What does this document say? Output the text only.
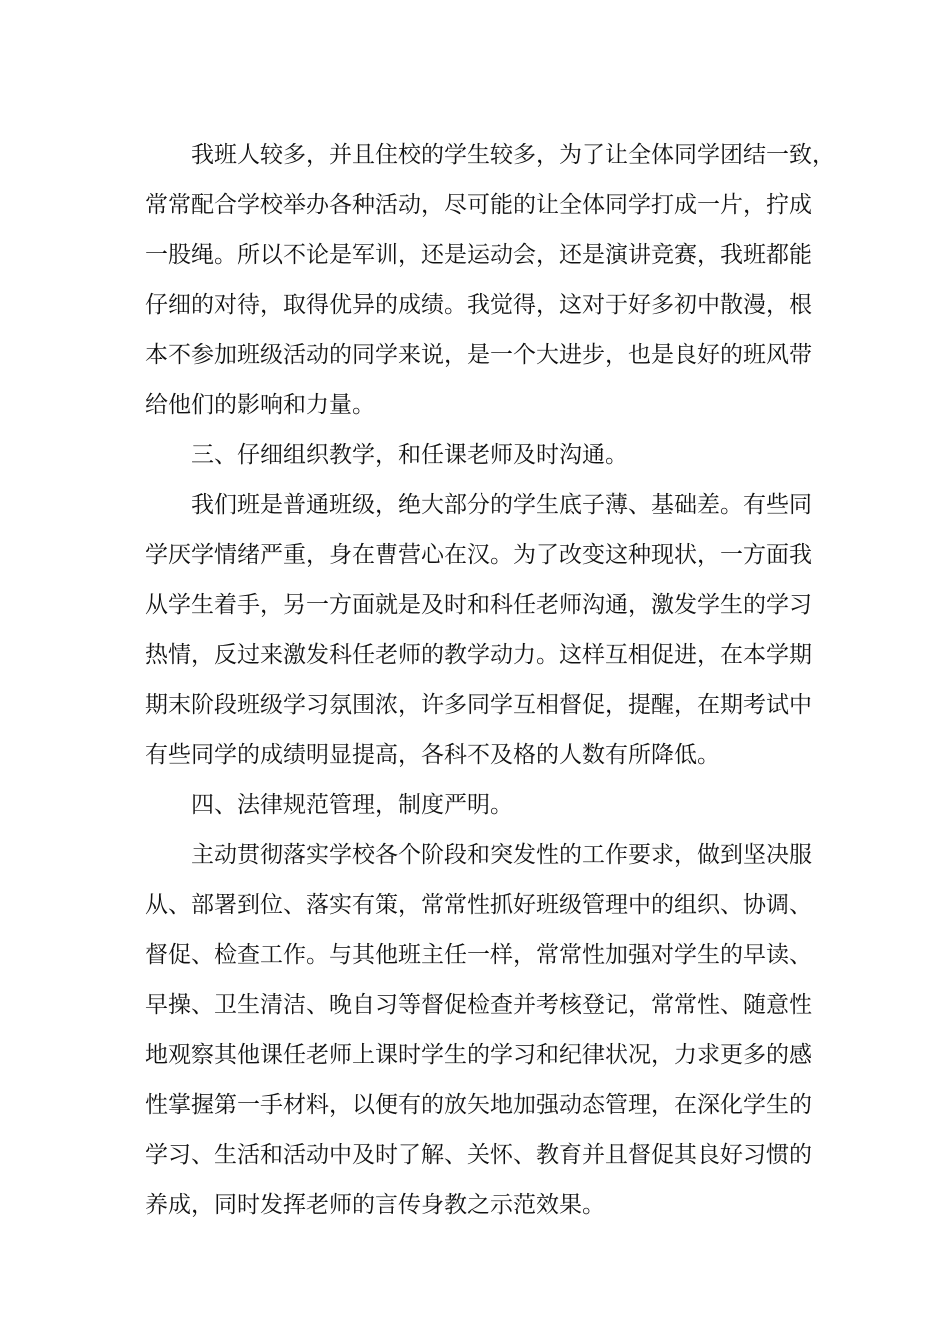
我班人较多，并且住校的学生较多，为了让全体同学团结一致，
常常配合学校举办各种活动，尽可能的让全体同学打成一片，拧成
一股绳。所以不论是军训，还是运动会，还是演讲竞赛，我班都能
仔细的对待，取得优异的成绩。我觉得，这对于好多初中散漫，根
本不参加班级活动的同学来说，是一个大进步，也是良好的班风带
给他们的影响和力量。
三、仔细组织教学，和任课老师及时沟通。
我们班是普通班级，绝大部分的学生底子薄、基础差。有些同
学厌学情绪严重，身在曹营心在汉。为了改变这种现状，一方面我
从学生着手，另一方面就是及时和科任老师沟通，激发学生的学习
热情，反过来激发科任老师的教学动力。这样互相促进，在本学期
期末阶段班级学习氛围浓，许多同学互相督促，提醒，在期考试中
有些同学的成绩明显提高，各科不及格的人数有所降低。
四、法律规范管理，制度严明。
主动贯彻落实学校各个阶段和突发性的工作要求，做到坚决服
从、部署到位、落实有策，常常性抓好班级管理中的组织、协调、
督促、检查工作。与其他班主任一样，常常性加强对学生的早读、
早操、卫生清洁、晚自习等督促检查并考核登记，常常性、随意性
地观察其他课任老师上课时学生的学习和纪律状况，力求更多的感
性掌握第一手材料，以便有的放矢地加强动态管理，在深化学生的
学习、生活和活动中及时了解、关怀、教育并且督促其良好习惯的
养成，同时发挥老师的言传身教之示范效果。
